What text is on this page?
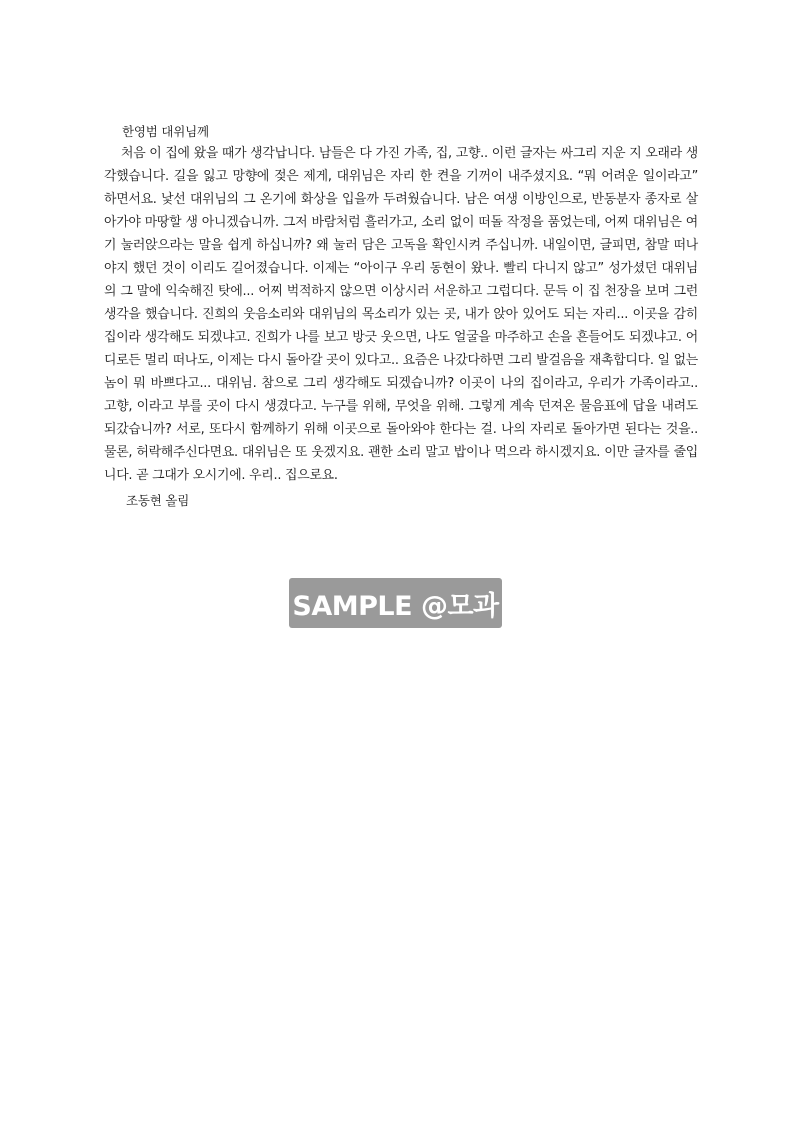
한영범 대위님께

처음 이 집에 왔을 때가 생각납니다. 남들은 다 가진 가족, 집, 고향.. 이런 글자는 싸그리 지운 지 오래라 생각했습니다. 길을 잃고 망향에 젖은 제게, 대위님은 자리 한 켠을 기꺼이 내주셨지요. “뭐 어려운 일이라고” 하면서요. 낯선 대위님의 그 온기에 화상을 입을까 두려웠습니다. 남은 여생 이방인으로, 반동분자 종자로 살아가야 마땅할 생 아니겠습니까. 그저 바람처럼 흘러가고, 소리 없이 떠돌 작정을 품었는데, 어찌 대위님은 여기 눌러앉으라는 말을 쉽게 하십니까? 왜 눌러 담은 고독을 확인시켜 주십니까. 내일이면, 글피면, 참말 떠나야지 했던 것이 이리도 길어졌습니다. 이제는 “아이구 우리 동현이 왔나. 빨리 다니지 않고” 성가셨던 대위님의 그 말에 익숙해진 탓에... 어찌 벅적하지 않으면 이상시러 서운하고 그럽디다. 문득 이 집 천장을 보며 그런 생각을 했습니다. 진희의 웃음소리와 대위님의 목소리가 있는 곳, 내가 앉아 있어도 되는 자리... 이곳을 감히 집이라 생각해도 되겠냐고. 진희가 나를 보고 방긋 웃으면, 나도 얼굴을 마주하고 손을 흔들어도 되겠냐고. 어디로든 멀리 떠나도, 이제는 다시 돌아갈 곳이 있다고.. 요즘은 나갔다하면 그리 발걸음을 재촉합디다. 일 없는 놈이 뭐 바쁘다고... 대위님. 참으로 그리 생각해도 되겠습니까? 이곳이 나의 집이라고, 우리가 가족이라고.. 고향, 이라고 부를 곳이 다시 생겼다고. 누구를 위해, 무엇을 위해. 그렇게 계속 던져온 물음표에 답을 내려도 되갔습니까? 서로, 또다시 함께하기 위해 이곳으로 돌아와야 한다는 걸. 나의 자리로 돌아가면 된다는 것을.. 물론, 허락해주신다면요. 대위님은 또 웃겠지요. 괜한 소리 말고 밥이나 먹으라 하시겠지요. 이만 글자를 줄입니다. 곧 그대가 오시기에. 우리.. 집으로요.

조동현 올림

SAMPLE @모과
